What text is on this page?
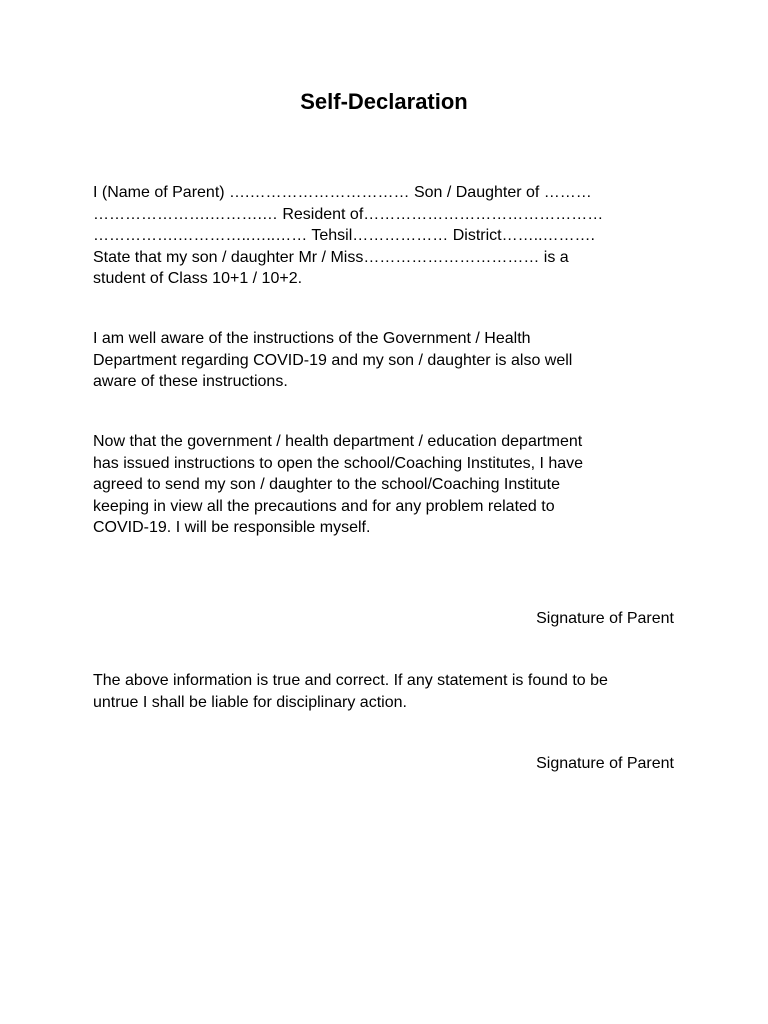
Self-Declaration
I (Name of Parent) ….………………………… Son / Daughter of ………
………………….……….… Resident of………………………………………
…………….…………..…..…… Tehsil……………… District……..……….
State that my son / daughter Mr / Miss…………………………… is a
student of Class 10+1 / 10+2.
I am well aware of the instructions of the Government / Health
Department regarding COVID-19 and my son / daughter is also well
aware of these instructions.
Now that the government / health department / education department
has issued instructions to open the school/Coaching Institutes, I have
agreed to send my son / daughter to the school/Coaching Institute
keeping in view all the precautions and for any problem related to
COVID-19. I will be responsible myself.
Signature of Parent
The above information is true and correct. If any statement is found to be
untrue I shall be liable for disciplinary action.
Signature of Parent
